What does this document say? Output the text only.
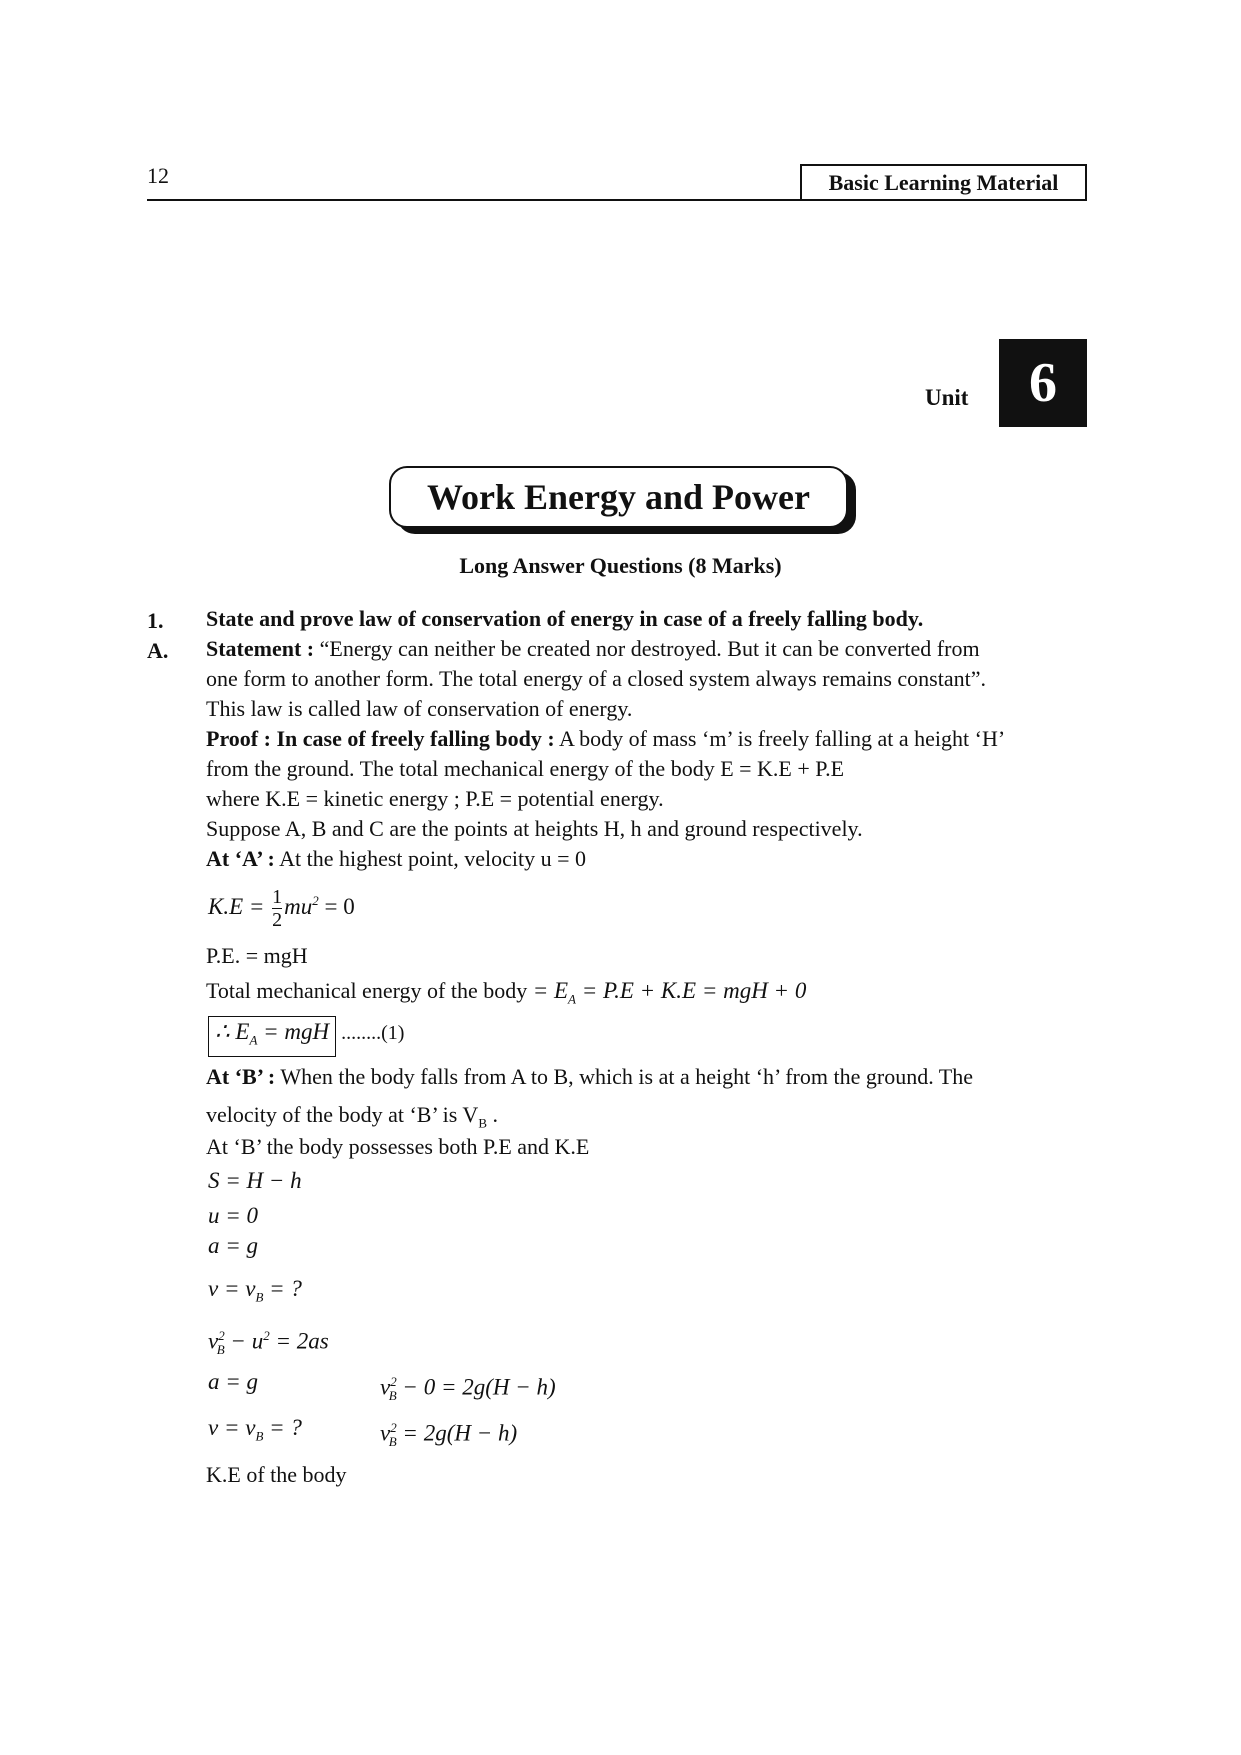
12	Basic Learning Material
Unit	6
Work Energy and Power
Long Answer Questions (8 Marks)
1. State and prove law of conservation of energy in case of a freely falling body.
A. Statement : “Energy can neither be created nor destroyed. But it can be converted from
one form to another form. The total energy of a closed system always remains constant”.
This law is called law of conservation of energy.
Proof : In case of freely falling body : A body of mass ‘m’ is freely falling at a height ‘H’
from the ground. The total mechanical energy of the body E = K.E + P.E
where K.E = kinetic energy ; P.E = potential energy.
Suppose A, B and C are the points at heights H, h and ground respectively.
At ‘A’ : At the highest point, velocity u = 0
$K.E = \frac{1}{2} mu^2 = 0$
P.E. = mgH
Total mechanical energy of the body = $E_A = P.E + K.E$ = mgH + 0
∴ $E_A$ = mgH ........(1)
At ‘B’ : When the body falls from A to B, which is at a height ‘h’ from the ground. The
velocity of the body at ‘B’ is $V_B$ .
At ‘B’ the body possesses both P.E and K.E
S = H − h
u = 0
a = g
$v = v_B$ = ?
$v^2_B - u^2 = 2as$
a = g	$v^2_B - 0 = 2g(H - h)$
$v = v_B$ = ?	$v^2_B = 2g(H - h)$
K.E of the body
